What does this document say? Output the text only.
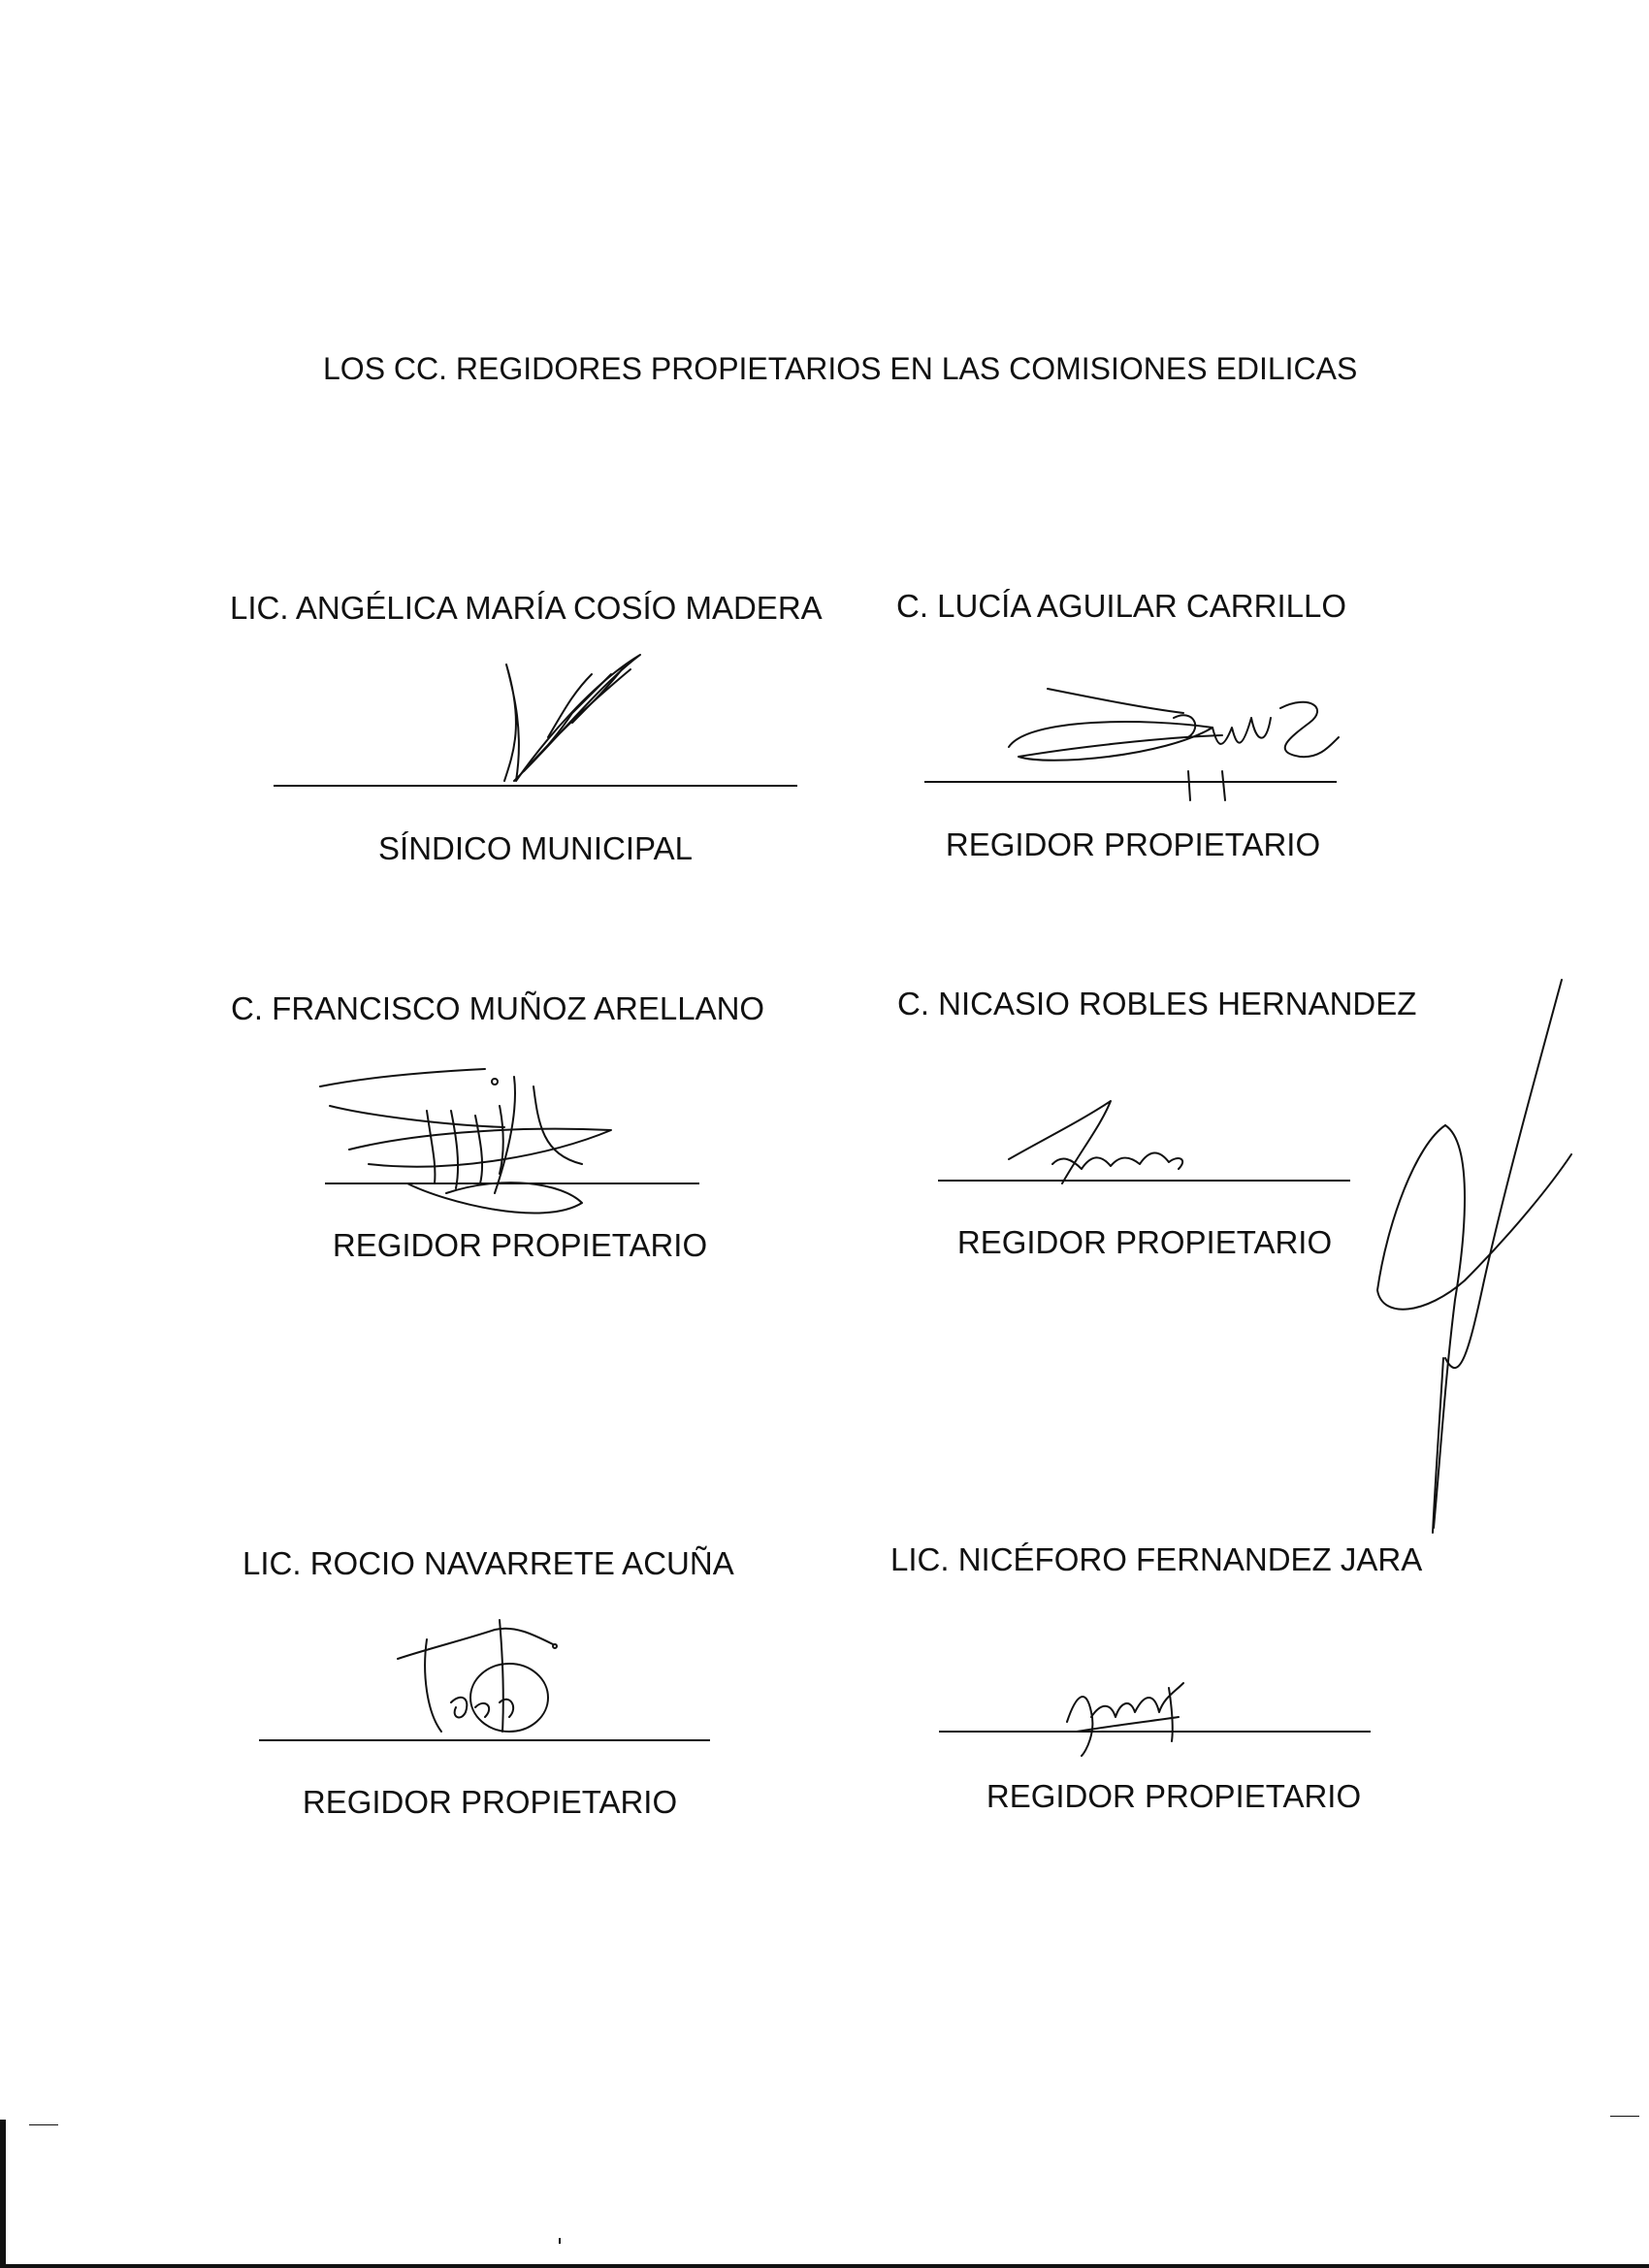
LOS CC. REGIDORES PROPIETARIOS EN LAS COMISIONES EDILICAS
LIC. ANGÉLICA MARÍA COSÍO MADERA
SÍNDICO MUNICIPAL
C. LUCÍA AGUILAR CARRILLO
REGIDOR PROPIETARIO
C. FRANCISCO MUÑOZ ARELLANO
REGIDOR PROPIETARIO
C. NICASIO ROBLES HERNANDEZ
REGIDOR PROPIETARIO
LIC. ROCIO NAVARRETE ACUÑA
REGIDOR PROPIETARIO
LIC. NICÉFORO FERNANDEZ JARA
REGIDOR PROPIETARIO
